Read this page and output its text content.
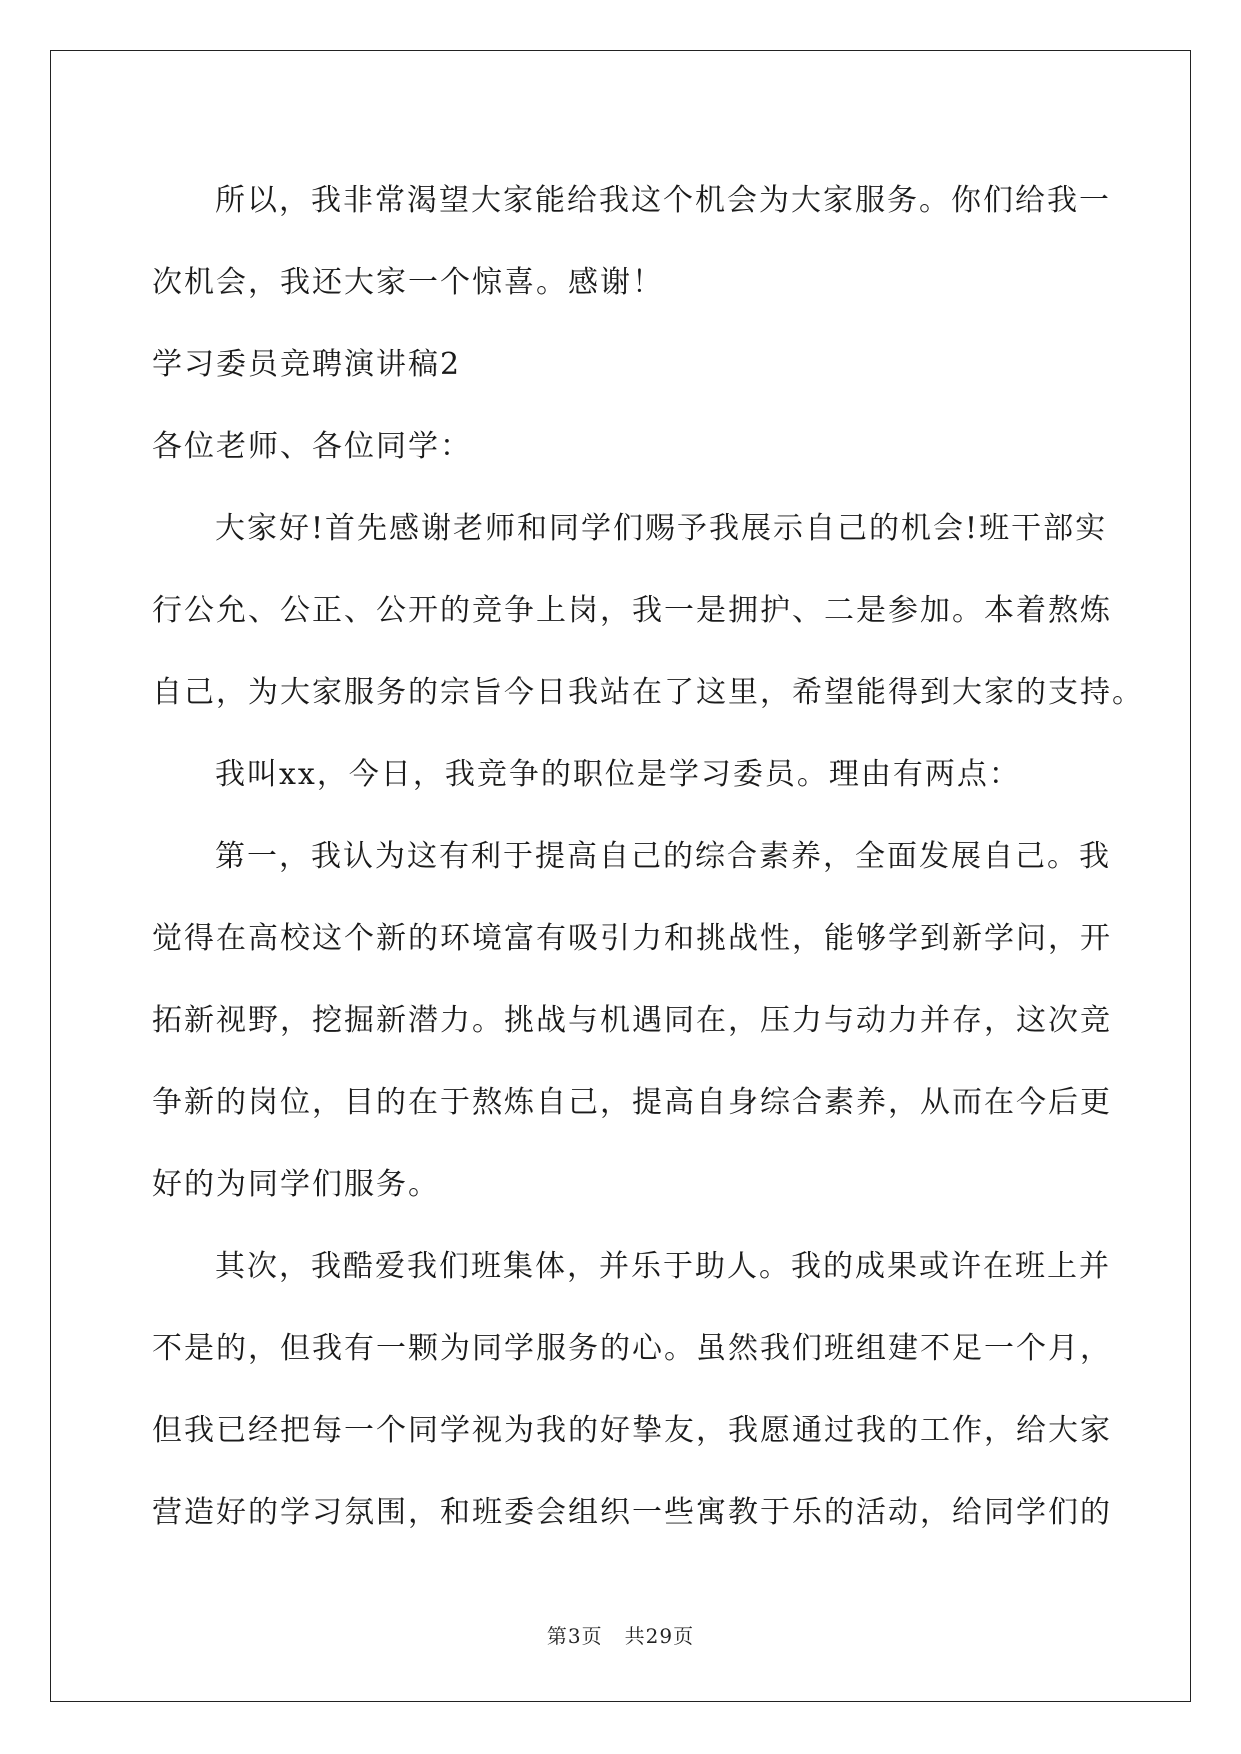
所以，我非常渴望大家能给我这个机会为大家服务。你们给我一
次机会，我还大家一个惊喜。感谢！
学习委员竞聘演讲稿2
各位老师、各位同学：
大家好!首先感谢老师和同学们赐予我展示自己的机会!班干部实
行公允、公正、公开的竞争上岗，我一是拥护、二是参加。本着熬炼
自己，为大家服务的宗旨今日我站在了这里，希望能得到大家的支持。
我叫xx，今日，我竞争的职位是学习委员。理由有两点：
第一，我认为这有利于提高自己的综合素养，全面发展自己。我
觉得在高校这个新的环境富有吸引力和挑战性，能够学到新学问，开
拓新视野，挖掘新潜力。挑战与机遇同在，压力与动力并存，这次竞
争新的岗位，目的在于熬炼自己，提高自身综合素养，从而在今后更
好的为同学们服务。
其次，我酷爱我们班集体，并乐于助人。我的成果或许在班上并
不是的，但我有一颗为同学服务的心。虽然我们班组建不足一个月，
但我已经把每一个同学视为我的好挚友，我愿通过我的工作，给大家
营造好的学习氛围，和班委会组织一些寓教于乐的活动，给同学们的
第3页 共29页
